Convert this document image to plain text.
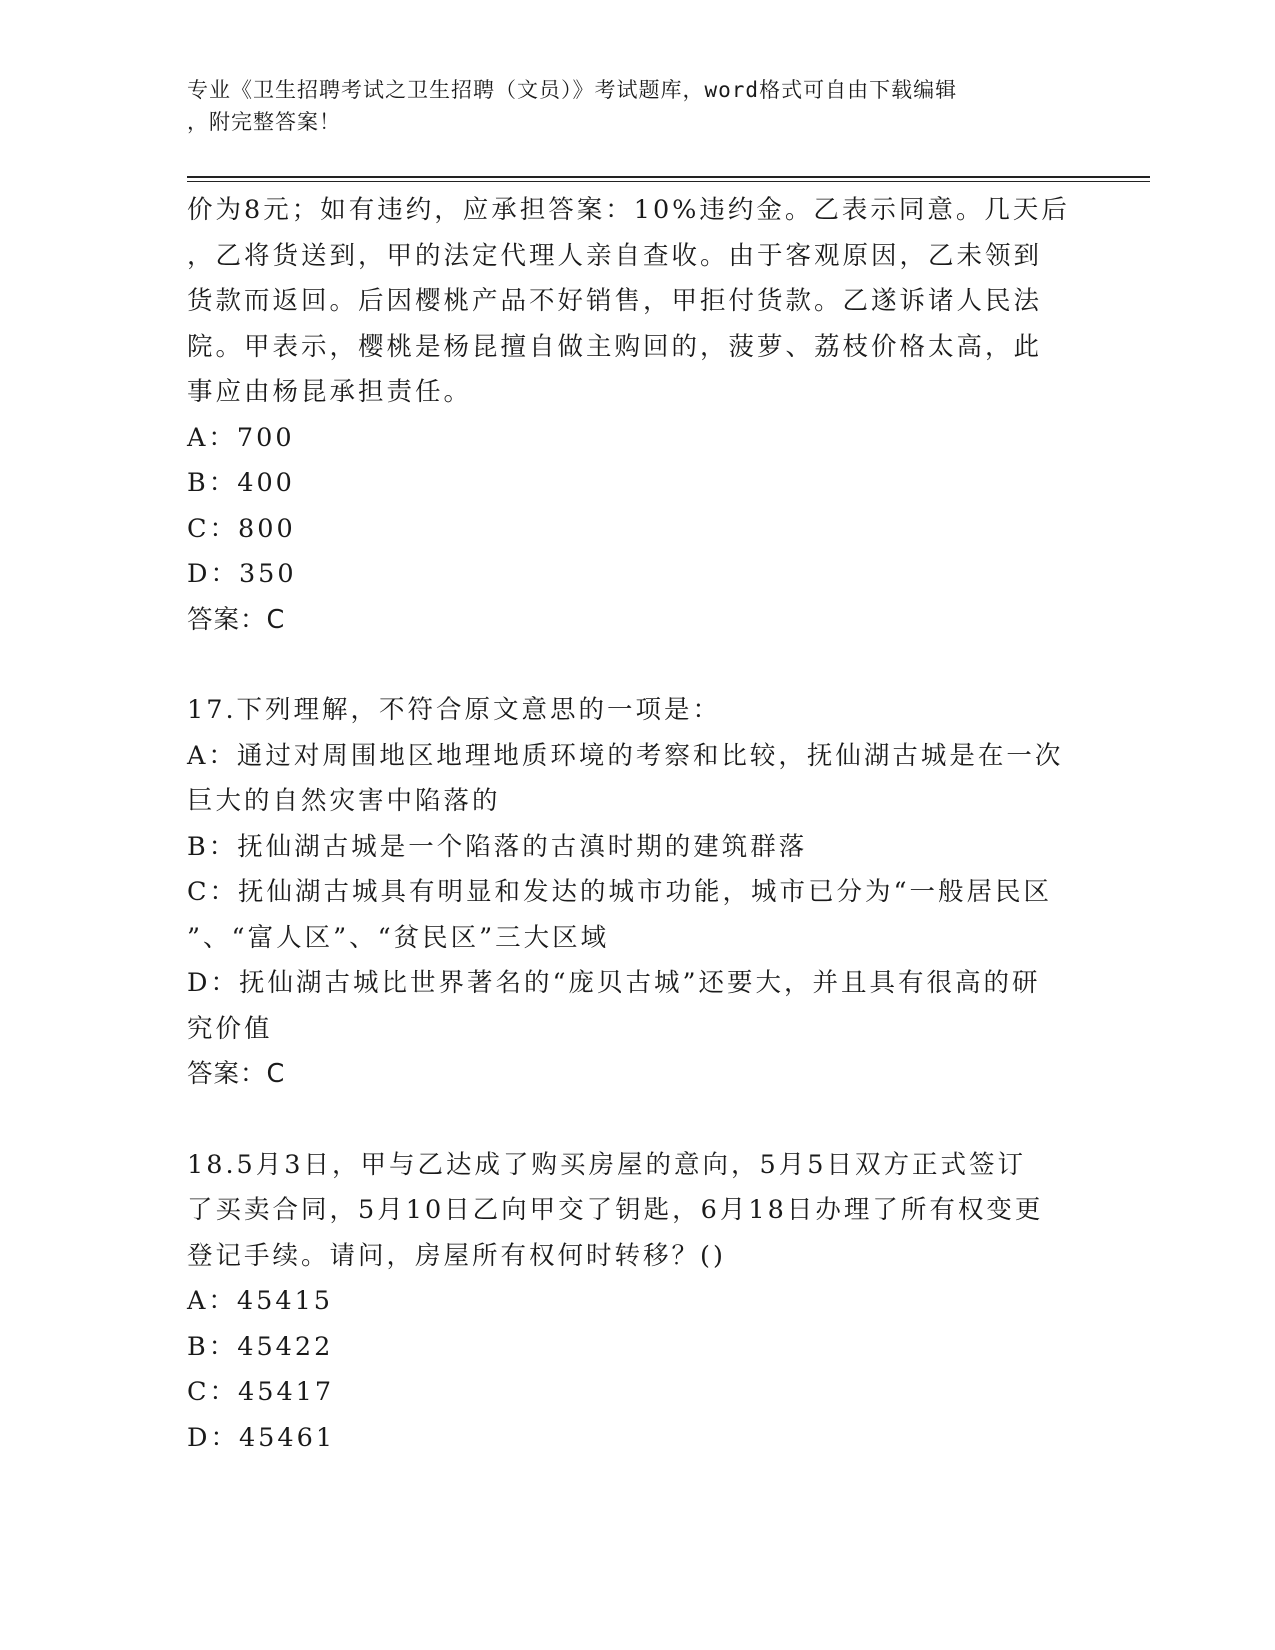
专业《卫生招聘考试之卫生招聘（文员）》考试题库，word格式可自由下载编辑
，附完整答案！
价为8元；如有违约，应承担答案：10%违约金。乙表示同意。几天后
，乙将货送到，甲的法定代理人亲自查收。由于客观原因，乙未领到
货款而返回。后因樱桃产品不好销售，甲拒付货款。乙遂诉诸人民法
院。甲表示，樱桃是杨昆擅自做主购回的，菠萝、荔枝价格太高，此
事应由杨昆承担责任。
A：700
B：400
C：800
D：350
答案：C
17.下列理解，不符合原文意思的一项是：
A：通过对周围地区地理地质环境的考察和比较，抚仙湖古城是在一次
巨大的自然灾害中陷落的
B：抚仙湖古城是一个陷落的古滇时期的建筑群落
C：抚仙湖古城具有明显和发达的城市功能，城市已分为“一般居民区
”、“富人区”、“贫民区”三大区域
D：抚仙湖古城比世界著名的“庞贝古城”还要大，并且具有很高的研
究价值
答案：C
18.5月3日，甲与乙达成了购买房屋的意向，5月5日双方正式签订
了买卖合同，5月10日乙向甲交了钥匙，6月18日办理了所有权变更
登记手续。请问，房屋所有权何时转移？()
A：45415
B：45422
C：45417
D：45461
